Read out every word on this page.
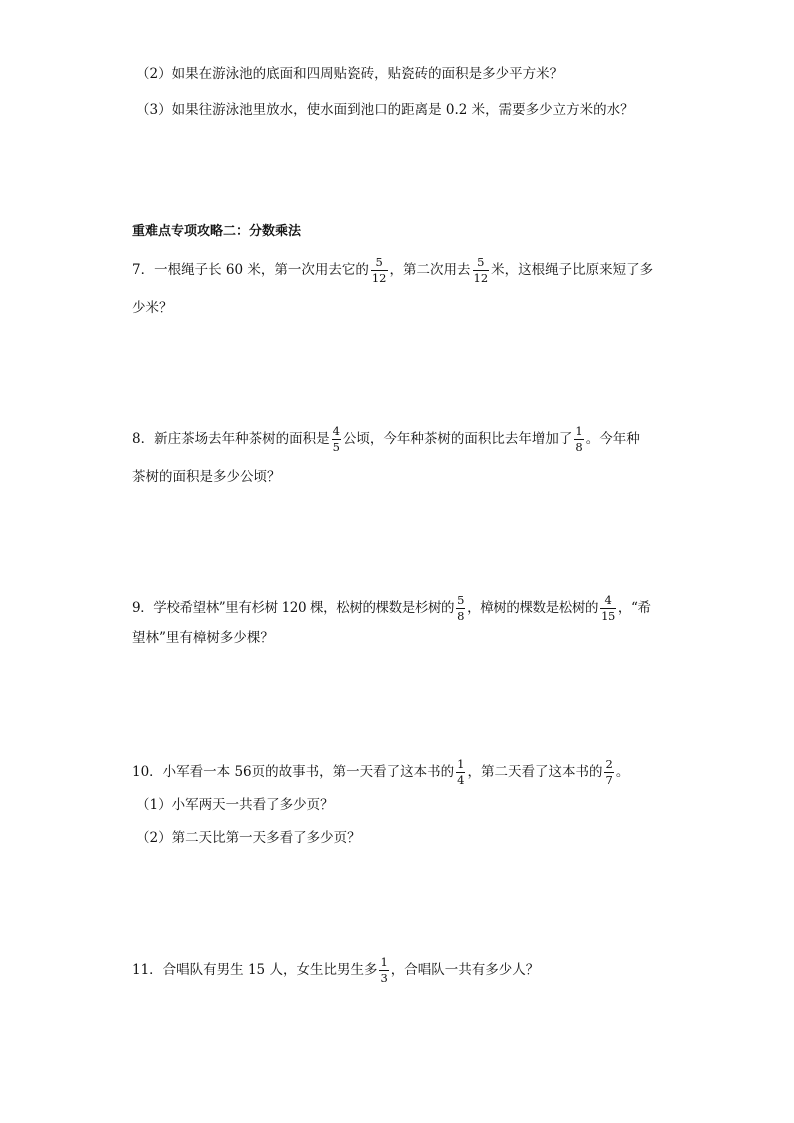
（2）如果在游泳池的底面和四周贴瓷砖，贴瓷砖的面积是多少平方米？
（3）如果往游泳池里放水，使水面到池口的距离是 0.2 米，需要多少立方米的水？
重难点专项攻略二：分数乘法
7．一根绳子长 60 米，第一次用去它的 $\frac{5}{12}$ ，第二次用去 $\frac{5}{12}$ 米，这根绳子比原来短了多
少米？
8．新庄茶场去年种茶树的面积是 $\frac{4}{5}$ 公顷，今年种茶树的面积比去年增加了 $\frac{1}{8}$ 。今年种
茶树的面积是多少公顷？
9．学校希望林”里有杉树 120 棵，松树的棵数是杉树的 $\frac{5}{8}$ ，樟树的棵数是松树的 $\frac{4}{15}$ ，“希
望林”里有樟树多少棵？
10．小军看一本 56页的故事书，第一天看了这本书的 $\frac{1}{4}$ ，第二天看了这本书的 $\frac{2}{7}$ 。
（1）小军两天一共看了多少页？
（2）第二天比第一天多看了多少页？
11．合唱队有男生 15 人，女生比男生多 $\frac{1}{3}$ ，合唱队一共有多少人？
